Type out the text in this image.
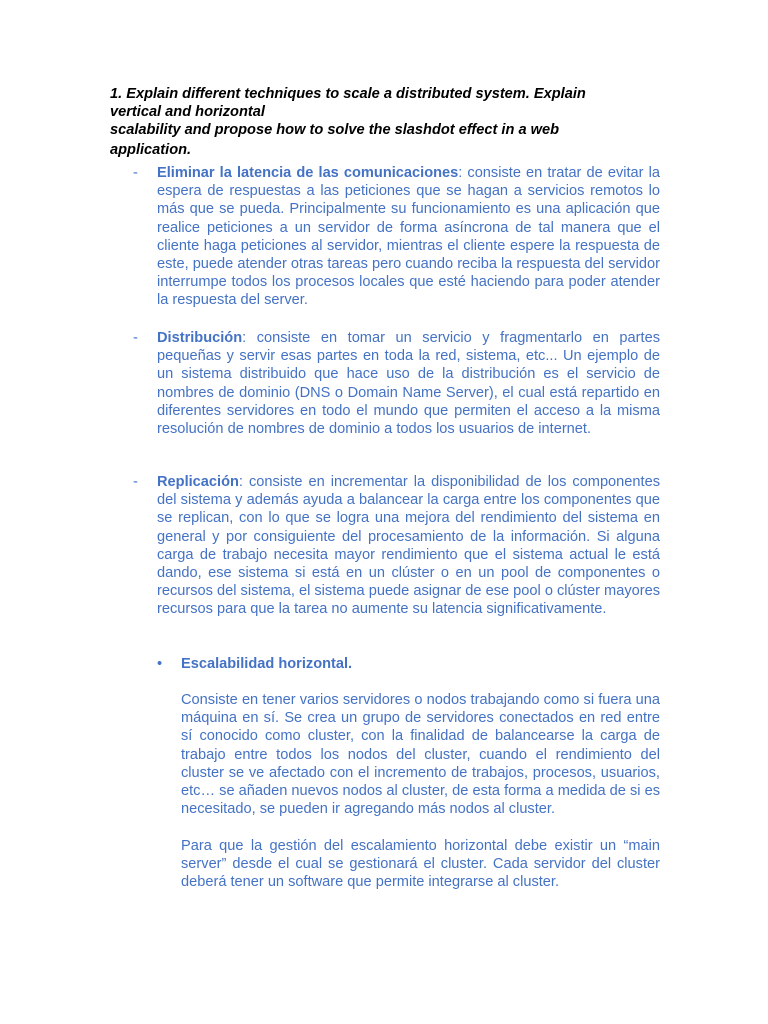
1. Explain different techniques to scale a distributed system. Explain
vertical and horizontal
scalability and propose how to solve the slashdot effect in a web
application.
- Eliminar la latencia de las comunicaciones: consiste en tratar de evitar la espera de respuestas a las peticiones que se hagan a servicios remotos lo más que se pueda. Principalmente su funcionamiento es una aplicación que realice peticiones a un servidor de forma asíncrona de tal manera que el cliente haga peticiones al servidor, mientras el cliente espere la respuesta de este, puede atender otras tareas pero cuando reciba la respuesta del servidor interrumpe todos los procesos locales que esté haciendo para poder atender la respuesta del server.
- Distribución: consiste en tomar un servicio y fragmentarlo en partes pequeñas y servir esas partes en toda la red, sistema, etc... Un ejemplo de un sistema distribuido que hace uso de la distribución es el servicio de nombres de dominio (DNS o Domain Name Server), el cual está repartido en diferentes servidores en todo el mundo que permiten el acceso a la misma resolución de nombres de dominio a todos los usuarios de internet.
- Replicación: consiste en incrementar la disponibilidad de los componentes del sistema y además ayuda a balancear la carga entre los componentes que se replican, con lo que se logra una mejora del rendimiento del sistema en general y por consiguiente del procesamiento de la información. Si alguna carga de trabajo necesita mayor rendimiento que el sistema actual le está dando, ese sistema si está en un clúster o en un pool de componentes o recursos del sistema, el sistema puede asignar de ese pool o clúster mayores recursos para que la tarea no aumente su latencia significativamente.
• Escalabilidad horizontal.

Consiste en tener varios servidores o nodos trabajando como si fuera una máquina en sí. Se crea un grupo de servidores conectados en red entre sí conocido como cluster, con la finalidad de balancearse la carga de trabajo entre todos los nodos del cluster, cuando el rendimiento del cluster se ve afectado con el incremento de trabajos, procesos, usuarios, etc… se añaden nuevos nodos al cluster, de esta forma a medida de si es necesitado, se pueden ir agregando más nodos al cluster.

Para que la gestión del escalamiento horizontal debe existir un “main server” desde el cual se gestionará el cluster. Cada servidor del cluster deberá tener un software que permite integrarse al cluster.
